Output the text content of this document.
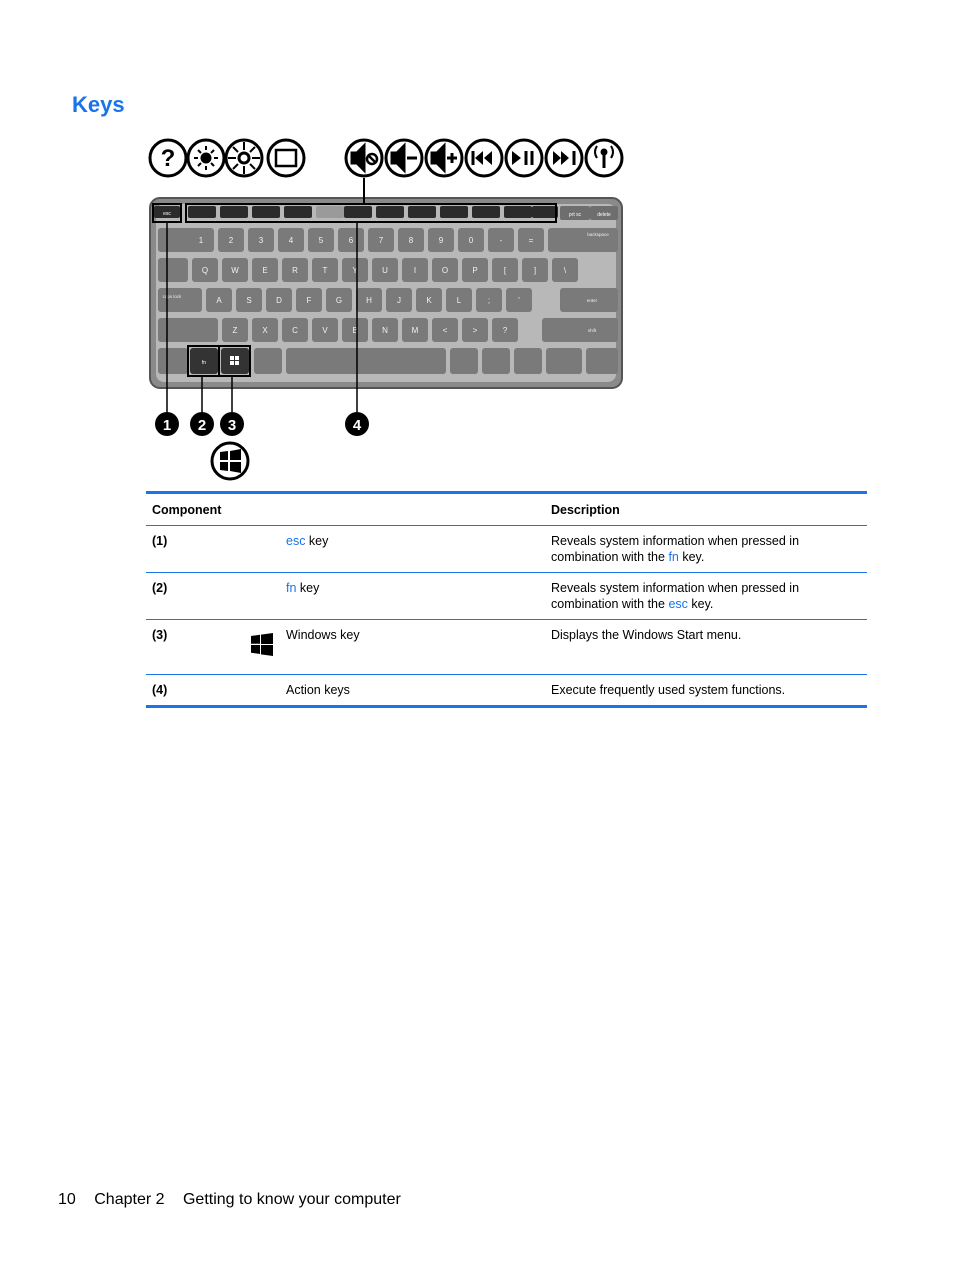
Keys
?
esc	prt sc	delete
1	2	3	4	5	6	7	8	9	0	-	=
Q	W	E	R	T	Y	U	I	O	P	[	]	\
A	S	D	F	G	H	J	K	L	;	'
Z	X	C	V	B	N	M	<	>	?
backspace
caps lock
enter
shift
fn
1 2 3	4
Component			Description
(1)		esc key	Reveals system information when pressed in combination with the fn key.
(2)		fn key	Reveals system information when pressed in combination with the esc key.
(3)		Windows key	Displays the Windows Start menu.
(4)		Action keys	Execute frequently used system functions.
10 Chapter 2 Getting to know your computer
